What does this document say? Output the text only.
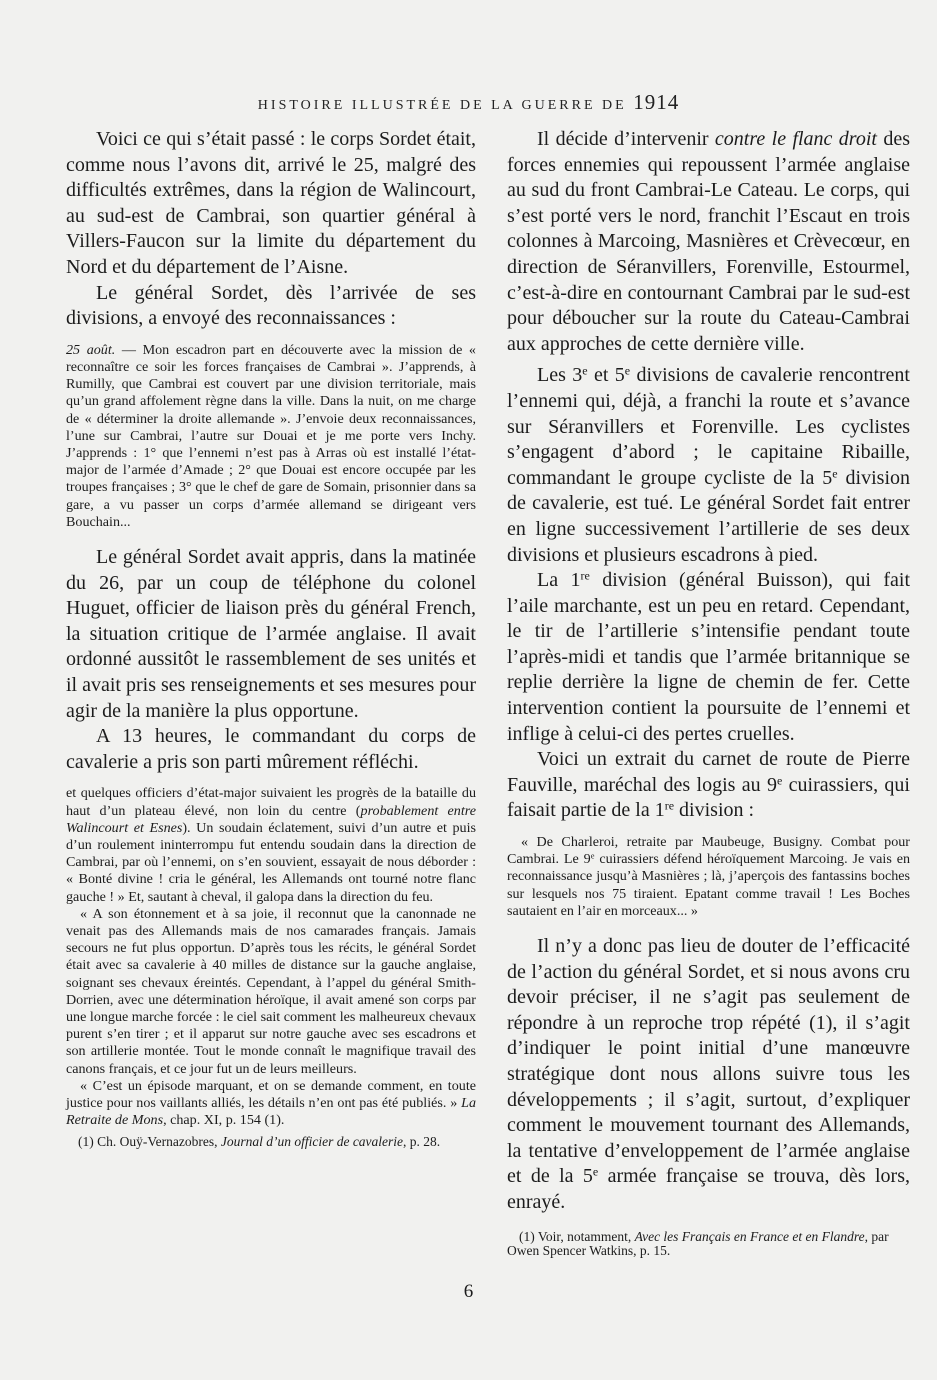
HISTOIRE ILLUSTRÉE DE LA GUERRE DE 1914

Voici ce qui s’était passé : le corps Sordet était, comme nous l’avons dit, arrivé le 25, malgré des difficultés extrêmes, dans la région de Walincourt, au sud-est de Cambrai, son quartier général à Villers-Faucon sur la limite du département du Nord et du département de l’Aisne.

Le général Sordet, dès l’arrivée de ses divisions, a envoyé des reconnaissances :

25 août. — Mon escadron part en découverte avec la mission de « reconnaître ce soir les forces françaises de Cambrai ». J’apprends, à Rumilly, que Cambrai est couvert par une division territoriale, mais qu’un grand affolement règne dans la ville. Dans la nuit, on me charge de « déterminer la droite allemande ». J’envoie deux reconnaissances, l’une sur Cambrai, l’autre sur Douai et je me porte vers Inchy. J’apprends : 1° que l’ennemi n’est pas à Arras où est installé l’état-major de l’armée d’Amade ; 2° que Douai est encore occupée par les troupes françaises ; 3° que le chef de gare de Somain, prisonnier dans sa gare, a vu passer un corps d’armée allemand se dirigeant vers Bouchain...

Le général Sordet avait appris, dans la matinée du 26, par un coup de téléphone du colonel Huguet, officier de liaison près du général French, la situation critique de l’armée anglaise. Il avait ordonné aussitôt le rassemblement de ses unités et il avait pris ses renseignements et ses mesures pour agir de la manière la plus opportune.

A 13 heures, le commandant du corps de cavalerie a pris son parti mûrement réfléchi.

et quelques officiers d’état-major suivaient les progrès de la bataille du haut d’un plateau élevé, non loin du centre (probablement entre Walincourt et Esnes). Un soudain éclatement, suivi d’un autre et puis d’un roulement ininterrompu fut entendu soudain dans la direction de Cambrai, par où l’ennemi, on s’en souvient, essayait de nous déborder : « Bonté divine ! cria le général, les Allemands ont tourné notre flanc gauche ! » Et, sautant à cheval, il galopa dans la direction du feu.

« A son étonnement et à sa joie, il reconnut que la canonnade ne venait pas des Allemands mais de nos camarades français. Jamais secours ne fut plus opportun. D’après tous les récits, le général Sordet était avec sa cavalerie à 40 milles de distance sur la gauche anglaise, soignant ses chevaux éreintés. Cependant, à l’appel du général Smith-Dorrien, avec une détermination héroïque, il avait amené son corps par une longue marche forcée : le ciel sait comment les malheureux chevaux purent s’en tirer ; et il apparut sur notre gauche avec ses escadrons et son artillerie montée. Tout le monde connaît le magnifique travail des canons français, et ce jour fut un de leurs meilleurs.

« C’est un épisode marquant, et on se demande comment, en toute justice pour nos vaillants alliés, les détails n’en ont pas été publiés. » La Retraite de Mons, chap. XI, p. 154 (1).

(1) Ch. Ouÿ-Vernazobres, Journal d’un officier de cavalerie, p. 28.

Il décide d’intervenir contre le flanc droit des forces ennemies qui repoussent l’armée anglaise au sud du front Cambrai-Le Cateau. Le corps, qui s’est porté vers le nord, franchit l’Escaut en trois colonnes à Marcoing, Masnières et Crèvecœur, en direction de Séranvillers, Forenville, Estourmel, c’est-à-dire en contournant Cambrai par le sud-est pour déboucher sur la route du Cateau-Cambrai aux approches de cette dernière ville.

Les 3e et 5e divisions de cavalerie rencontrent l’ennemi qui, déjà, a franchi la route et s’avance sur Séranvillers et Forenville. Les cyclistes s’engagent d’abord ; le capitaine Ribaille, commandant le groupe cycliste de la 5e division de cavalerie, est tué. Le général Sordet fait entrer en ligne successivement l’artillerie de ses deux divisions et plusieurs escadrons à pied.

La 1re division (général Buisson), qui fait l’aile marchante, est un peu en retard. Cependant, le tir de l’artillerie s’intensifie pendant toute l’après-midi et tandis que l’armée britannique se replie derrière la ligne de chemin de fer. Cette intervention contient la poursuite de l’ennemi et inflige à celui-ci des pertes cruelles.

Voici un extrait du carnet de route de Pierre Fauville, maréchal des logis au 9e cuirassiers, qui faisait partie de la 1re division :

« De Charleroi, retraite par Maubeuge, Busigny. Combat pour Cambrai. Le 9e cuirassiers défend héroïquement Marcoing. Je vais en reconnaissance jusqu’à Masnières ; là, j’aperçois des fantassins boches sur lesquels nos 75 tiraient. Epatant comme travail ! Les Boches sautaient en l’air en morceaux... »

Il n’y a donc pas lieu de douter de l’efficacité de l’action du général Sordet, et si nous avons cru devoir préciser, il ne s’agit pas seulement de répondre à un reproche trop répété (1), il s’agit d’indiquer le point initial d’une manœuvre stratégique dont nous allons suivre tous les développements ; il s’agit, surtout, d’expliquer comment le mouvement tournant des Allemands, la tentative d’enveloppement de l’armée anglaise et de la 5e armée française se trouva, dès lors, enrayé.

(1) Voir, notamment, Avec les Français en France et en Flandre, par Owen Spencer Watkins, p. 15.

6
